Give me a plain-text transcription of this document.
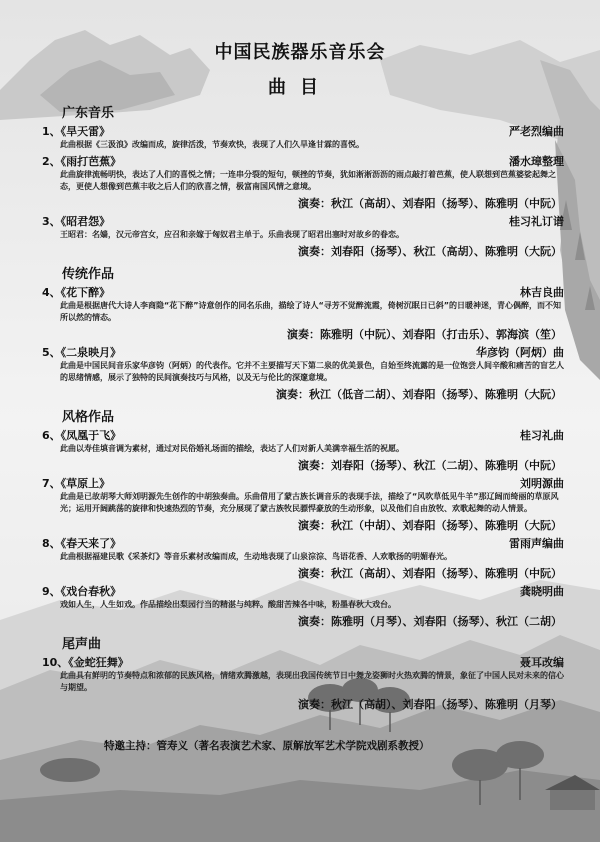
中国民族器乐音乐会
曲目
广东音乐
1、《旱天雷》	严老烈编曲
此曲根据《三汲浪》改编而成，旋律活泼，节奏欢快，表现了人们久旱逢甘霖的喜悦。
2、《雨打芭蕉》	潘水璋整理
此曲旋律流畅明快，表达了人们的喜悦之情；一连串分裂的短句，顿挫的节奏，犹如淅淅沥沥的雨点敲打着芭蕉，使人联想到芭蕉婆娑起舞之态，更使人想像到芭蕉丰收之后人们的欣喜之情，极富南国风情之意境。
演奏：秋江（高胡）、刘春阳（扬琴）、陈雅明（中阮）
3、《昭君怨》	桂习礼订谱
王昭君：名嫱，汉元帝宫女，应召和亲嫁于匈奴君主单于。乐曲表现了昭君出塞时对故乡的眷恋。
演奏：刘春阳（扬琴）、秋江（高胡）、陈雅明（大阮）
传统作品
4、《花下醉》	林吉良曲
此曲是根据唐代大诗人李商隐“花下醉”诗意创作的同名乐曲，描绘了诗人“寻芳不觉醉流霞，倚树沉眠日已斜”的日暖神迷，青心偶醉，而不知所以然的情态。
演奏：陈雅明（中阮）、刘春阳（打击乐）、郭海滨（笙）
5、《二泉映月》	华彦钧（阿炳）曲
此曲是中国民间音乐家华彦钧（阿炳）的代表作。它并不主要描写天下第二泉的优美景色，自始至终流露的是一位饱尝人间辛酸和痛苦的盲艺人的思绪情感，展示了独特的民间演奏技巧与风格，以及无与伦比的深邃意境。
演奏：秋江（低音二胡）、刘春阳（扬琴）、陈雅明（大阮）
风格作品
6、《凤凰于飞》	桂习礼曲
此曲以寿佳填音调为素材，通过对民俗婚礼场面的描绘，表达了人们对新人美满幸福生活的祝愿。
演奏：刘春阳（扬琴）、秋江（二胡）、陈雅明（中阮）
7、《草原上》	刘明源曲
此曲是已故胡琴大师刘明源先生创作的中胡独奏曲。乐曲借用了蒙古族长调音乐的表现手法，描绘了“风吹草低见牛羊”那辽阔而绮丽的草原风光；运用开阔跳荡的旋律和快速热烈的节奏，充分展现了蒙古族牧民骠悍豪放的生动形象，以及他们自由放牧、欢歌起舞的动人情景。
演奏：秋江（中胡）、刘春阳（扬琴）、陈雅明（大阮）
8、《春天来了》	雷雨声编曲
此曲根据福建民歌《采茶灯》等音乐素材改编而成，生动地表现了山泉淙淙、鸟语花香、人欢歌扬的明媚春光。
演奏：秋江（高胡）、刘春阳（扬琴）、陈雅明（中阮）
9、《戏台春秋》	龚晓明曲
戏如人生，人生如戏。作品描绘出梨园行当的精湛与纯粹。酸甜苦辣各中味，粉墨春秋大戏台。
演奏：陈雅明（月琴）、刘春阳（扬琴）、秋江（二胡）
尾声曲
10、《金蛇狂舞》	聂耳改编
此曲具有鲜明的节奏特点和浓郁的民族风格，情绪欢腾激越，表现出我国传统节日中舞龙姿狮时火热欢腾的情景，象征了中国人民对未来的信心与期望。
演奏：秋江（高胡）、刘春阳（扬琴）、陈雅明（月琴）
特邀主持：管寿义（著名表演艺术家、原解放军艺术学院戏剧系教授）
